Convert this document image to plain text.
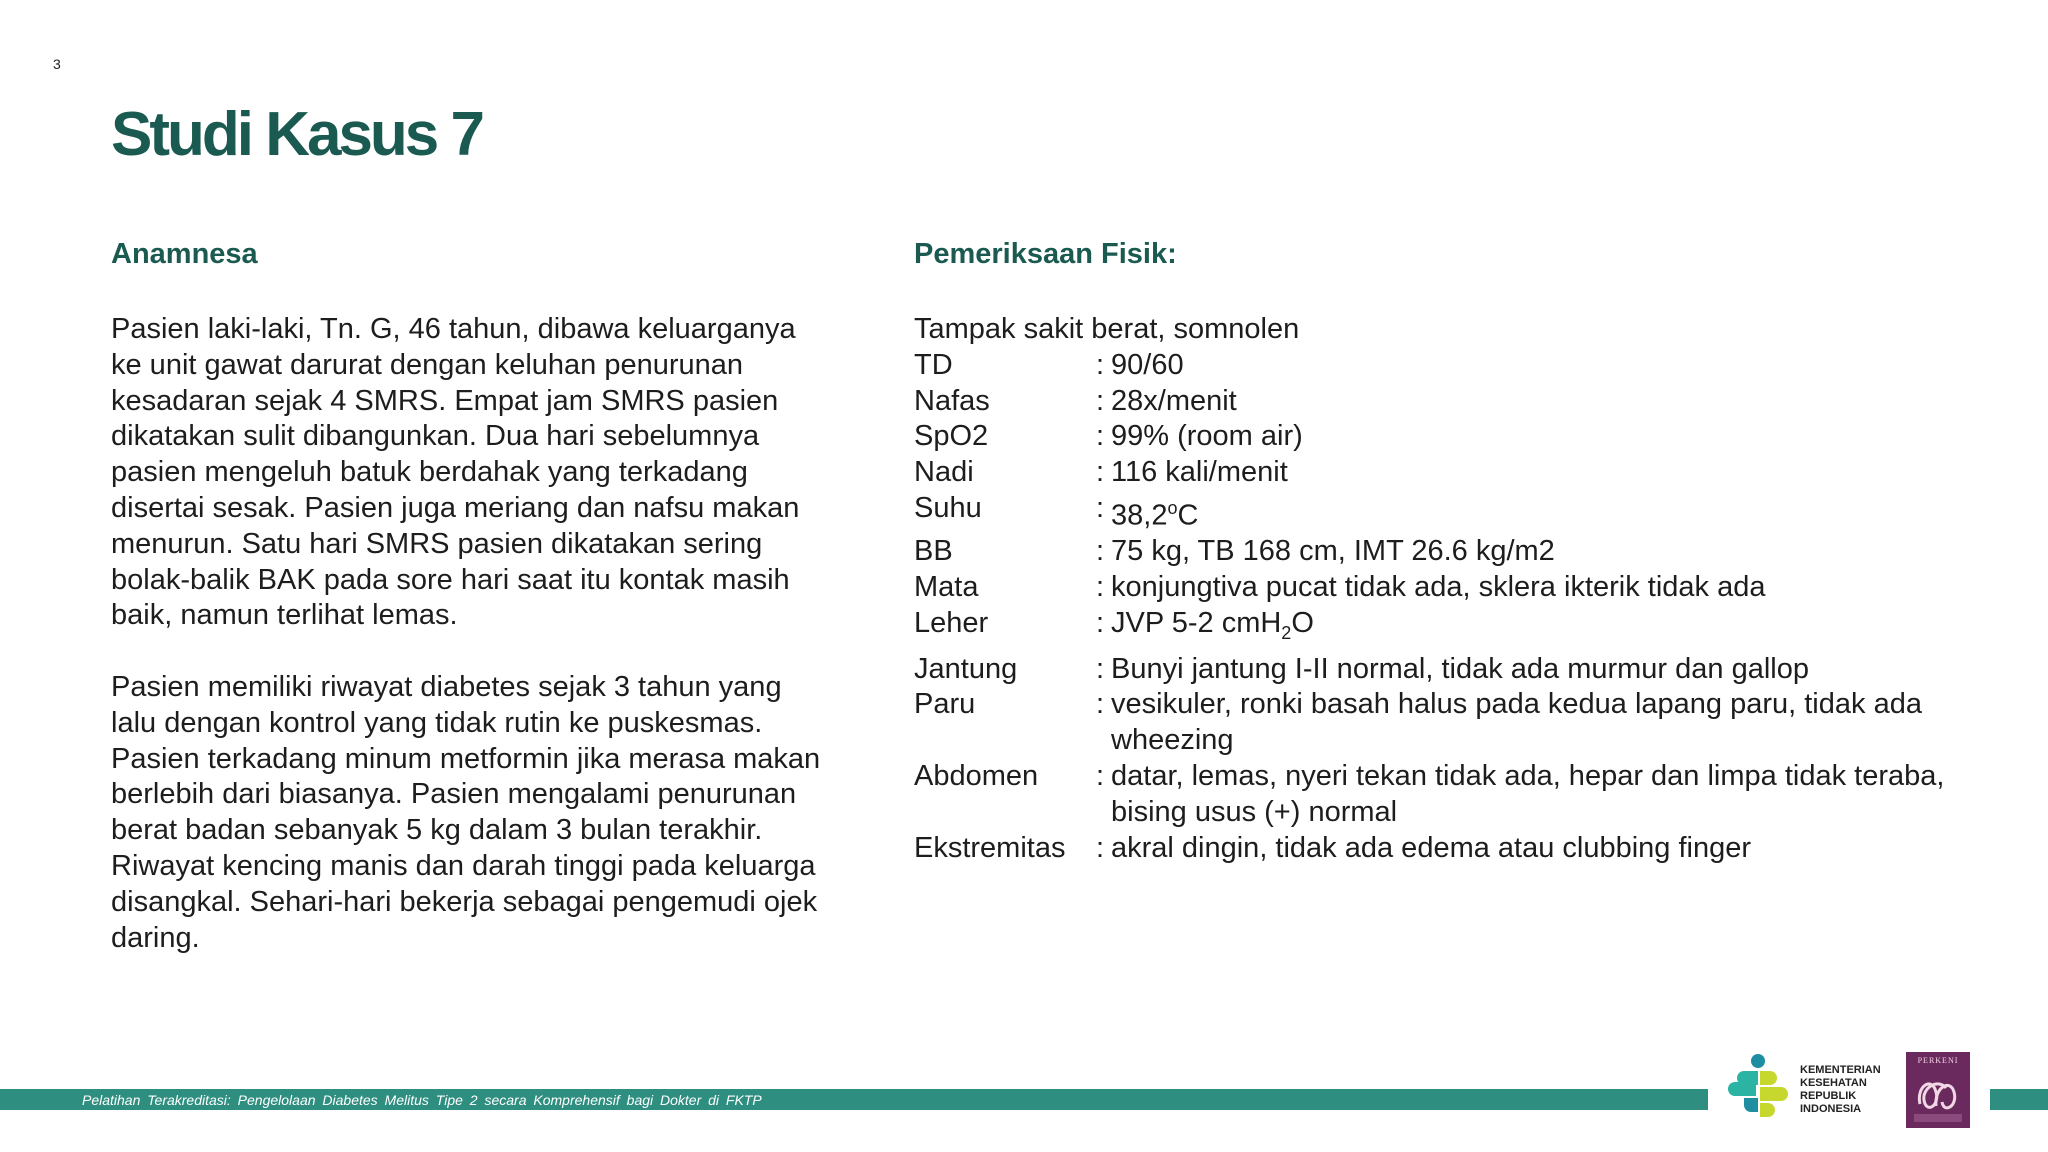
3
Studi Kasus 7
Anamnesa	Pemeriksaan Fisik:

Pasien laki-laki, Tn. G, 46 tahun, dibawa keluarganya ke unit gawat darurat dengan keluhan penurunan kesadaran sejak 4 SMRS. Empat jam SMRS pasien dikatakan sulit dibangunkan. Dua hari sebelumnya pasien mengeluh batuk berdahak yang terkadang disertai sesak. Pasien juga meriang dan nafsu makan menurun. Satu hari SMRS pasien dikatakan sering bolak-balik BAK pada sore hari saat itu kontak masih baik, namun terlihat lemas.

Pasien memiliki riwayat diabetes sejak 3 tahun yang lalu dengan kontrol yang tidak rutin ke puskesmas. Pasien terkadang minum metformin jika merasa makan berlebih dari biasanya. Pasien mengalami penurunan berat badan sebanyak 5 kg dalam 3 bulan terakhir. Riwayat kencing manis dan darah tinggi pada keluarga disangkal. Sehari-hari bekerja sebagai pengemudi ojek daring.

Tampak sakit berat, somnolen
TD	: 90/60
Nafas	: 28x/menit
SpO2	: 99% (room air)
Nadi	: 116 kali/menit
Suhu	: 38,2$^o$C
BB	: 75 kg, TB 168 cm, IMT 26.6 kg/m2
Mata	: konjungtiva pucat tidak ada, sklera ikterik tidak ada
Leher	: JVP 5-2 cmH$_2$O
Jantung	: Bunyi jantung I-II normal, tidak ada murmur dan gallop
Paru	: vesikuler, ronki basah halus pada kedua lapang paru, tidak ada wheezing
Abdomen	: datar, lemas, nyeri tekan tidak ada, hepar dan limpa tidak teraba, bising usus (+) normal
Ekstremitas	: akral dingin, tidak ada edema atau clubbing finger
Pelatihan Terakreditasi: Pengelolaan Diabetes Melitus Tipe 2 secara Komprehensif bagi Dokter di FKTP
KEMENTERIAN
KESEHATAN
REPUBLIK
INDONESIA
PERKENI
